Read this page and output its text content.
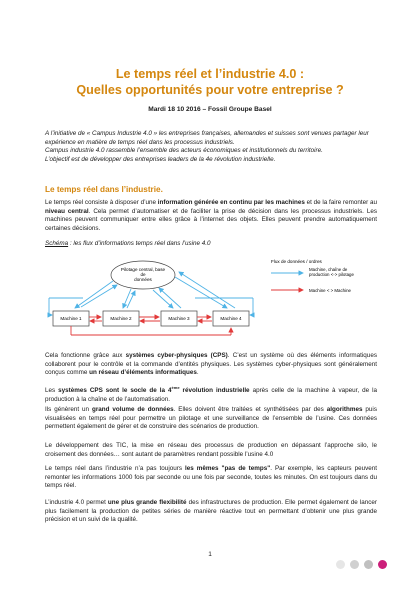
Le temps réel et l’industrie 4.0 :
Quelles opportunités pour votre entreprise ?
Mardi 18 10 2016 – Fossil Groupe Basel

A l’initiative de « Campus Industrie 4.0 » les entreprises françaises, allemandes et suisses sont venues partager leur expérience en matière de temps réel dans les processus industriels.

Campus industrie 4.0 rassemble l’ensemble des acteurs économiques et institutionnels du territoire.

L’objectif est de développer des entreprises leaders de la 4e révolution industrielle.

Le temps réel dans l’industrie.

Le temps réel consiste à disposer d’une information générée en continu par les machines et de la faire remonter au niveau central. Cela permet d’automatiser et de faciliter la prise de décision dans les processus industriels. Les machines peuvent communiquer entre elles grâce à l’internet des objets. Elles peuvent prendre automatiquement certaines décisions.

Schéma : les flux d’informations temps réel dans l’usine 4.0
Pilotage central, base
de
données
Machine 1	Machine 2	Machine 3	Machine 4
Flux de données / ordres
Machine, chaîne de
production <-> pilotage
Machine < > Machine

Cela fonctionne grâce aux systèmes cyber-physiques (CPS). C’est un système où des éléments informatiques collaborent pour le contrôle et la commande d’entités physiques. Les systèmes cyber-physiques sont généralement conçus comme un réseau d’éléments informatiques.

Les systèmes CPS sont le socle de la 4ème révolution industrielle après celle de la machine à vapeur, de la production à la chaîne et de l’automatisation.

Ils génèrent un grand volume de données. Elles doivent être traitées et synthétisées par des algorithmes puis visualisées en temps réel pour permettre un pilotage et une surveillance de l’ensemble de l’usine. Ces données permettent également de gérer et de construire des scénarios de production.

Le développement des TIC, la mise en réseau des processus de production en dépassant l’approche silo, le croisement des données… sont autant de paramètres rendant possible l’usine 4.0

Le temps réel dans l’industrie n’a pas toujours les mêmes "pas de temps". Par exemple, les capteurs peuvent remonter les informations 1000 fois par seconde ou une fois par seconde, toutes les minutes. On est toujours dans du temps réel.

L’industrie 4.0 permet une plus grande flexibilité des infrastructures de production. Elle permet également de lancer plus facilement la production de petites séries de manière réactive tout en permettant d’obtenir une plus grande précision et un suivi de la qualité.

1
